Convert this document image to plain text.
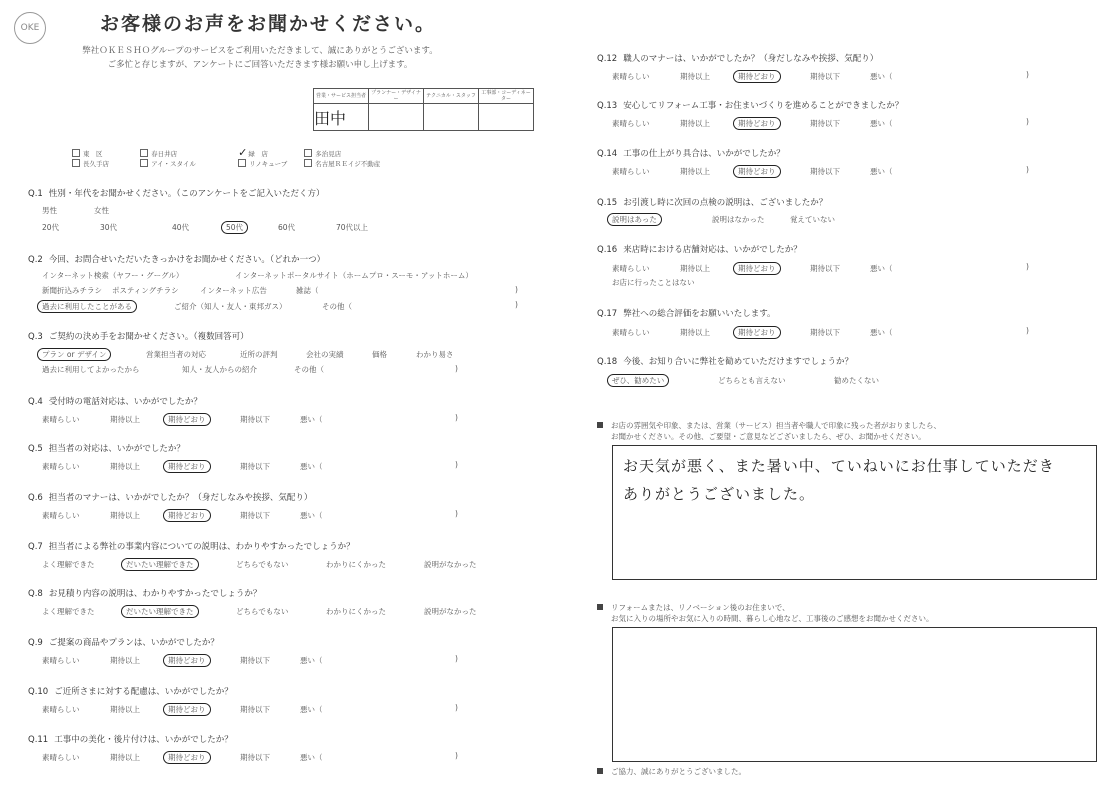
OKE	お客様のお声をお聞かせください。
弊社ＯＫＥＳＨＯグループのサービスをご利用いただきまして、誠にありがとうございます。
ご多忙と存じますが、アンケートにご回答いただきます様お願い申し上げます。
営業・サービス担当者	プランナー・デザイナー	テクニカル・スタッフ	工事部・コーディネーター
田中			
東　区	春日井店	✓緑　店	多治見店
長久手店	アイ・スタイル	リノキューブ	名古屋ＲＥイジ不動産
Q.1 性別・年代をお聞かせください。（このアンケートをご記入いただく方）
男性	女性
20代	30代	40代	50代	60代	70代以上
Q.2 今回、お問合せいただいたきっかけをお聞かせください。（どれか一つ）
インターネット検索（ヤフー・グーグル）	インターネットポータルサイト（ホームプロ・スーモ・アットホーム）
新聞折込みチラシ ポスティングチラシ	インターネット広告	雑誌（	)
過去に利用したことがある	ご紹介（知人・友人・東邦ガス）	その他（	)
Q.3 ご契約の決め手をお聞かせください。（複数回答可）
プラン or デザイン	営業担当者の対応	近所の評判	会社の実績	価格	わかり易さ
過去に利用してよかったから	知人・友人からの紹介	その他（	)
Q.4 受付時の電話対応は、いかがでしたか？
素晴らしい	期待以上	期待どおり	期待以下	悪い（	)
Q.5 担当者の対応は、いかがでしたか？
素晴らしい	期待以上	期待どおり	期待以下	悪い（	)
Q.6 担当者のマナーは、いかがでしたか？（身だしなみや挨拶、気配り）
素晴らしい	期待以上	期待どおり	期待以下	悪い（	)
Q.7 担当者による弊社の事業内容についての説明は、わかりやすかったでしょうか？
よく理解できた	だいたい理解できた	どちらでもない	わかりにくかった	説明がなかった
Q.8 お見積り内容の説明は、わかりやすかったでしょうか？
よく理解できた	だいたい理解できた	どちらでもない	わかりにくかった	説明がなかった
Q.9 ご提案の商品やプランは、いかがでしたか？
素晴らしい	期待以上	期待どおり	期待以下	悪い（	)
Q.10 ご近所さまに対する配慮は、いかがでしたか？
素晴らしい	期待以上	期待どおり	期待以下	悪い（	)
Q.11 工事中の美化・後片付けは、いかがでしたか？
素晴らしい	期待以上	期待どおり	期待以下	悪い（	)
Q.12 職人のマナーは、いかがでしたか？（身だしなみや挨拶、気配り）
素晴らしい	期待以上	期待どおり	期待以下	悪い（	)
Q.13 安心してリフォーム工事・お住まいづくりを進めることができましたか？
素晴らしい	期待以上	期待どおり	期待以下	悪い（	)
Q.14 工事の仕上がり具合は、いかがでしたか？
素晴らしい	期待以上	期待どおり	期待以下	悪い（	)
Q.15 お引渡し時に次回の点検の説明は、ございましたか？
説明はあった	説明はなかった	覚えていない
Q.16 来店時における店舗対応は、いかがでしたか？
素晴らしい	期待以上	期待どおり	期待以下	悪い（	)
お店に行ったことはない
Q.17 弊社への総合評価をお願いいたします。
素晴らしい	期待以上	期待どおり	期待以下	悪い（	)
Q.18 今後、お知り合いに弊社を勧めていただけますでしょうか？
ぜひ、勧めたい	どちらとも言えない	勧めたくない
お店の雰囲気や印象、または、営業（サービス）担当者や職人で印象に残った者がおりましたら、
お聞かせください。その他、ご要望・ご意見などございましたら、ぜひ、お聞かせください。
お天気が悪く、また暑い中、ていねいにお仕事していただき
ありがとうございました。
リフォームまたは、リノベーション後のお住まいで、
お気に入りの場所やお気に入りの時間、暮らし心地など、工事後のご感想をお聞かせください。
ご協力、誠にありがとうございました。
